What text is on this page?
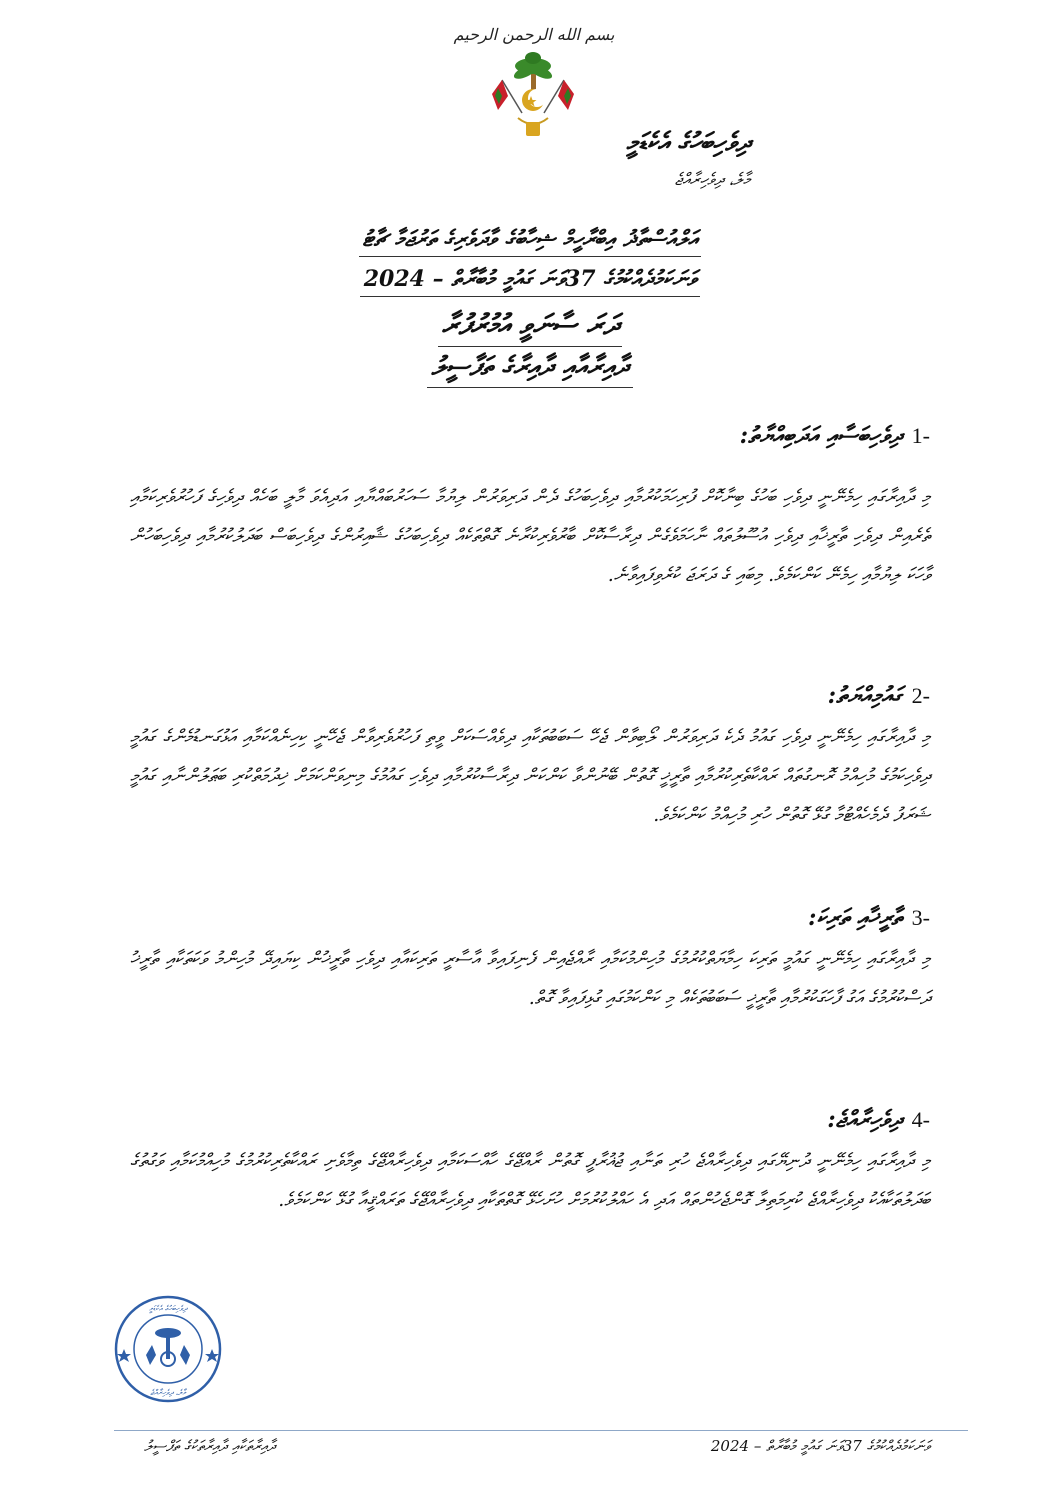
بسم الله الرحمن الرحيم
ދިވެހިބަހުގެ އެކެޑަމީ
މާލެ، ދިވެހިރާއްޖެ
އަލްއުސްތާޛު އިބްރާހީމް ޝިހާބުގެ ވާދަވެރިގެ ތަރުޖަމާ ޗާޓު
ވަނަކަމުދެއްކުމުގެ 37ވަނަ ގައުމީ މުބާރާތް – 2024
ދަރަ ސާނަވީ އުމުރުފުރާ
ދާއިރާއާއި ދާއިރާގެ ތަފާސީލު
ދިވެހިބަސާއި އަދަބިއްޔާތު: 1-
މި ދާއިރާގައި ހިމެނޭނީ ދިވެހި ބަހުގެ ބިނާކޮށް ފުރިހަމަކުރުމާއި ދިވެހިބަހުގެ ދެން ދަރިވަރުން ލިޔުމާ ސަހަރުބައްޔާއި އަދިއެވަ މާލީ ބަހެއް ދިވެހިގެ ފަހުރުވެރިކަމާއި ތެރެއިން ދިވެހި ތާރީޚާއި ދިވެހި އުސޫލުތައް ނާހަމަވެގެން ދިރާސާކޮށް ބާރުވެރިކުރާނެ ގޮތްތަކެއް ދިވެހިބަހުގެ ޝާއިރުންގެ ދިވެހިބަސް ބަދަލުކުރުމާއި ދިވެހިބަހުން ވާހަކަ ލިޔުމާއި ހިމެނޭ ކަންކަމެވެ. މިބައި ގެ ދަރަޖަ ކުރެވިފައިވާނެ.
ގައުމިއްޔަތު: 2-
މި ދާއިރާގައި ހިމެނޭނީ ދިވެހި ގައުމު ދެކެ ދަރިވަރުން ލޯބިވާން ޖެހޭ ސަބަބުތަކާއި ދިވެއްސަކަށް ވީތި ފަހުރުވެރިވާން ޖެހޭނީ ކިހިނެއްކަމާއި އަޅުގަނޑުމެންގެ ގައުމީ ދިވެހިކަމުގެ މުހިއްމު ރޮނގުތައް ރައްކާތެރިކުރުމާއި ތާރީޚީ ގޮތުން ބޭނުންވާ ކަންކަން ދިރާސާކުރުމާއި ދިވެހި ގައުމުގެ މިނިވަންކަމަށް ޚިދުމަތްކުރި ބަޠަލުންނާއި ގައުމީ ޝަރަފު ދެމެހެއްޓުމާ ގުޅޭ ގޮތުން ހުރި މުހިއްމު ކަންކަމެވެ.
ތާރީޚާއި ތަރިކަ: 3-
މި ދާއިރާގައި ހިމެނޭނީ ގައުމީ ތަރިކަ ހިމާޔަތްކުރުމުގެ މުހިންމުކަމާއި ރާއްޖެއިން ފެނިފައިވާ އާސާރީ ތަރިކައާއި ދިވެހި ތާރީޚުން ކިޔައިދޭ މުހިންމު ވަކަތަކާއި ތާރީޚު ދަސްކުރުމުގެ އަގު ފާހަގަކުރުމާއި ތާރީޚީ ސަބަބުތަކެއް މި ކަންކަމުގައި ގުޅިފައިވާ ގޮތް.
ދިވެހިރާއްޖެ: 4-
މި ދާއިރާގައި ހިމެނޭނީ ދުނިޔޭގައި ދިވެހިރާއްޖެ ހުރި ތަނާއި ޖުޣުރާފީ ގޮތުން ރާއްޖޭގެ ހާއްސަކަމާއި ދިވެހިރާއްޖޭގެ ތިމާވެށި ރައްކާތެރިކުރުމުގެ މުހިއްމުކަމާއި ވަގުތުގެ ބަދަލުތަކާއެކު ދިވެހިރާއްޖެ ކުރިމަތިލާ ގޮންޖެހުންތައް އަދި އެ ހައްލުކުރުމަށް ހުށަހެޅޭ ގޮތްތަކާއި ދިވެހިރާއްޖޭގެ ތަރައްޤީއާ ގުޅޭ ކަންކަމެވެ.
ދިވެހިބަހުގެ އެކެޑަމީ
މާލެ، ދިވެހިރާއްޖެ
ދާއިރާތަކާއި ދާއިރާތަކުގެ ތަފްސީލު	ވަނަކަމުދެއްކުމުގެ 37ވަނަ ގައުމީ މުބާރާތް – 2024
